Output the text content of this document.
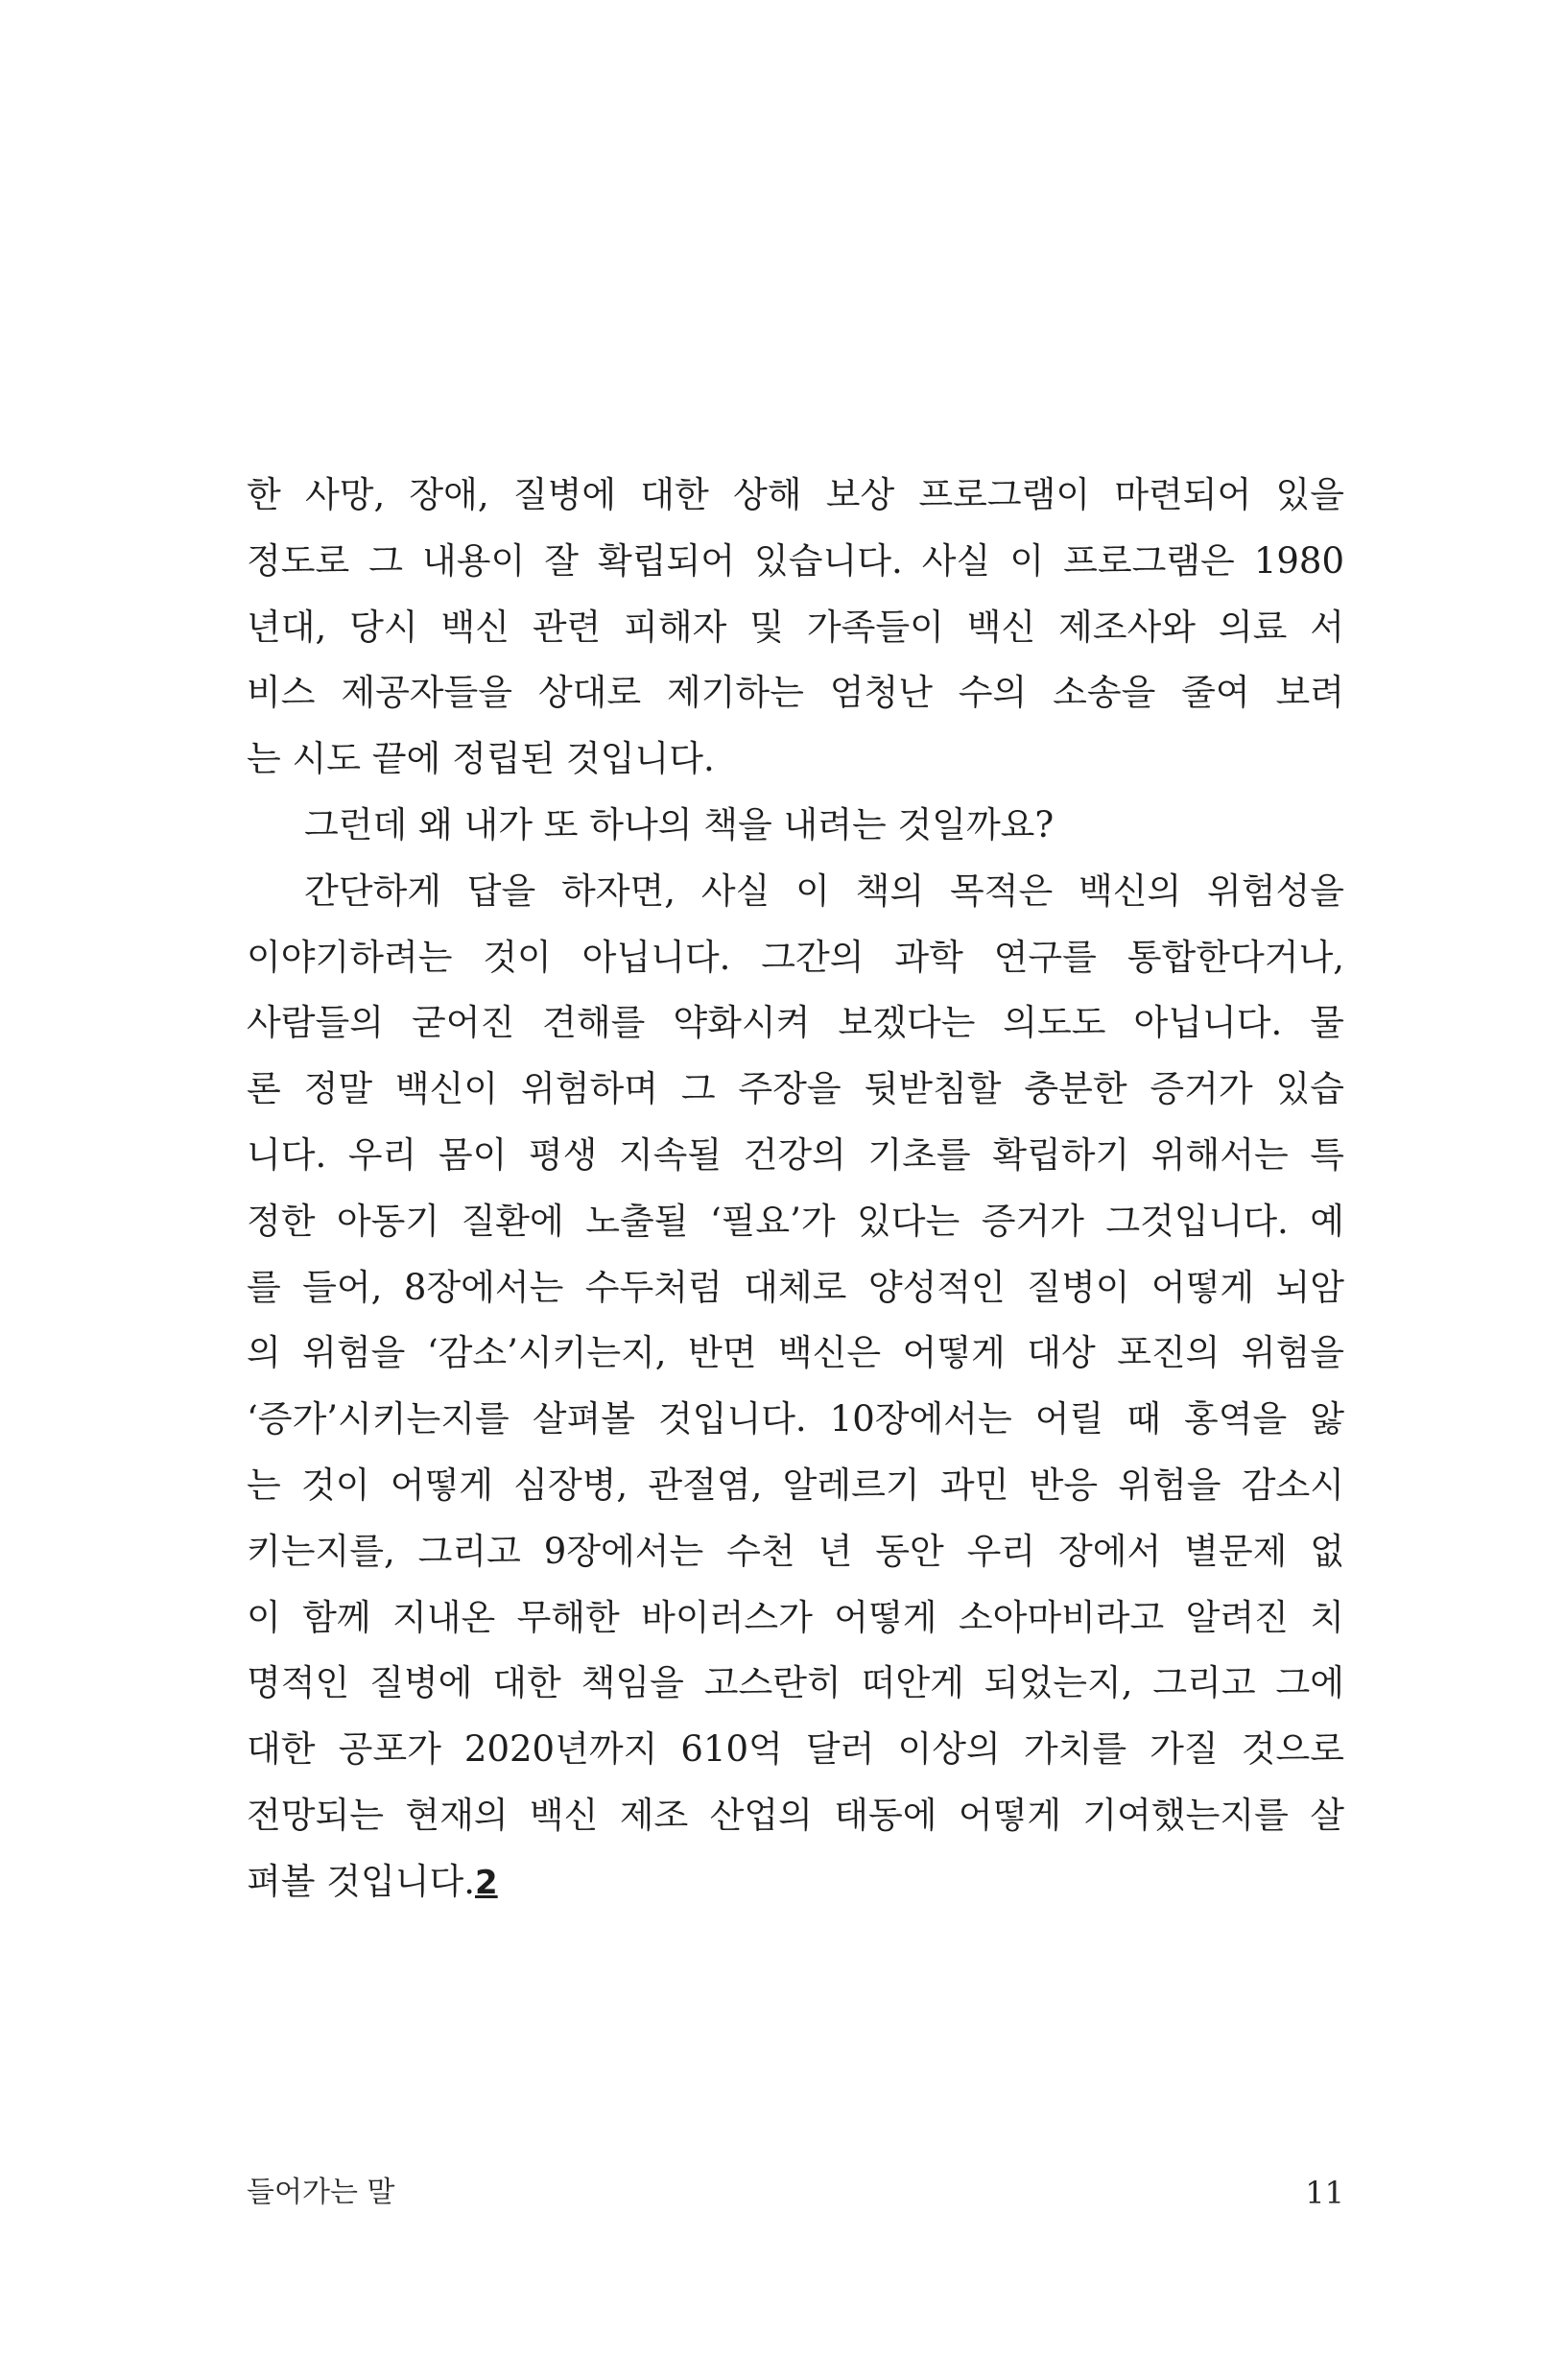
한 사망, 장애, 질병에 대한 상해 보상 프로그램이 마련되어 있을
정도로 그 내용이 잘 확립되어 있습니다. 사실 이 프로그램은 1980
년대, 당시 백신 관련 피해자 및 가족들이 백신 제조사와 의료 서
비스 제공자들을 상대로 제기하는 엄청난 수의 소송을 줄여 보려
는 시도 끝에 정립된 것입니다.
그런데 왜 내가 또 하나의 책을 내려는 것일까요?
간단하게 답을 하자면, 사실 이 책의 목적은 백신의 위험성을
이야기하려는 것이 아닙니다. 그간의 과학 연구를 통합한다거나,
사람들의 굳어진 견해를 약화시켜 보겠다는 의도도 아닙니다. 물
론 정말 백신이 위험하며 그 주장을 뒷받침할 충분한 증거가 있습
니다. 우리 몸이 평생 지속될 건강의 기초를 확립하기 위해서는 특
정한 아동기 질환에 노출될 ‘필요’가 있다는 증거가 그것입니다. 예
를 들어, 8장에서는 수두처럼 대체로 양성적인 질병이 어떻게 뇌암
의 위험을 ‘감소’시키는지, 반면 백신은 어떻게 대상 포진의 위험을
‘증가’시키는지를 살펴볼 것입니다. 10장에서는 어릴 때 홍역을 앓
는 것이 어떻게 심장병, 관절염, 알레르기 과민 반응 위험을 감소시
키는지를, 그리고 9장에서는 수천 년 동안 우리 장에서 별문제 없
이 함께 지내온 무해한 바이러스가 어떻게 소아마비라고 알려진 치
명적인 질병에 대한 책임을 고스란히 떠안게 되었는지, 그리고 그에
대한 공포가 2020년까지 610억 달러 이상의 가치를 가질 것으로
전망되는 현재의 백신 제조 산업의 태동에 어떻게 기여했는지를 살
펴볼 것입니다.2
들어가는 말	11
